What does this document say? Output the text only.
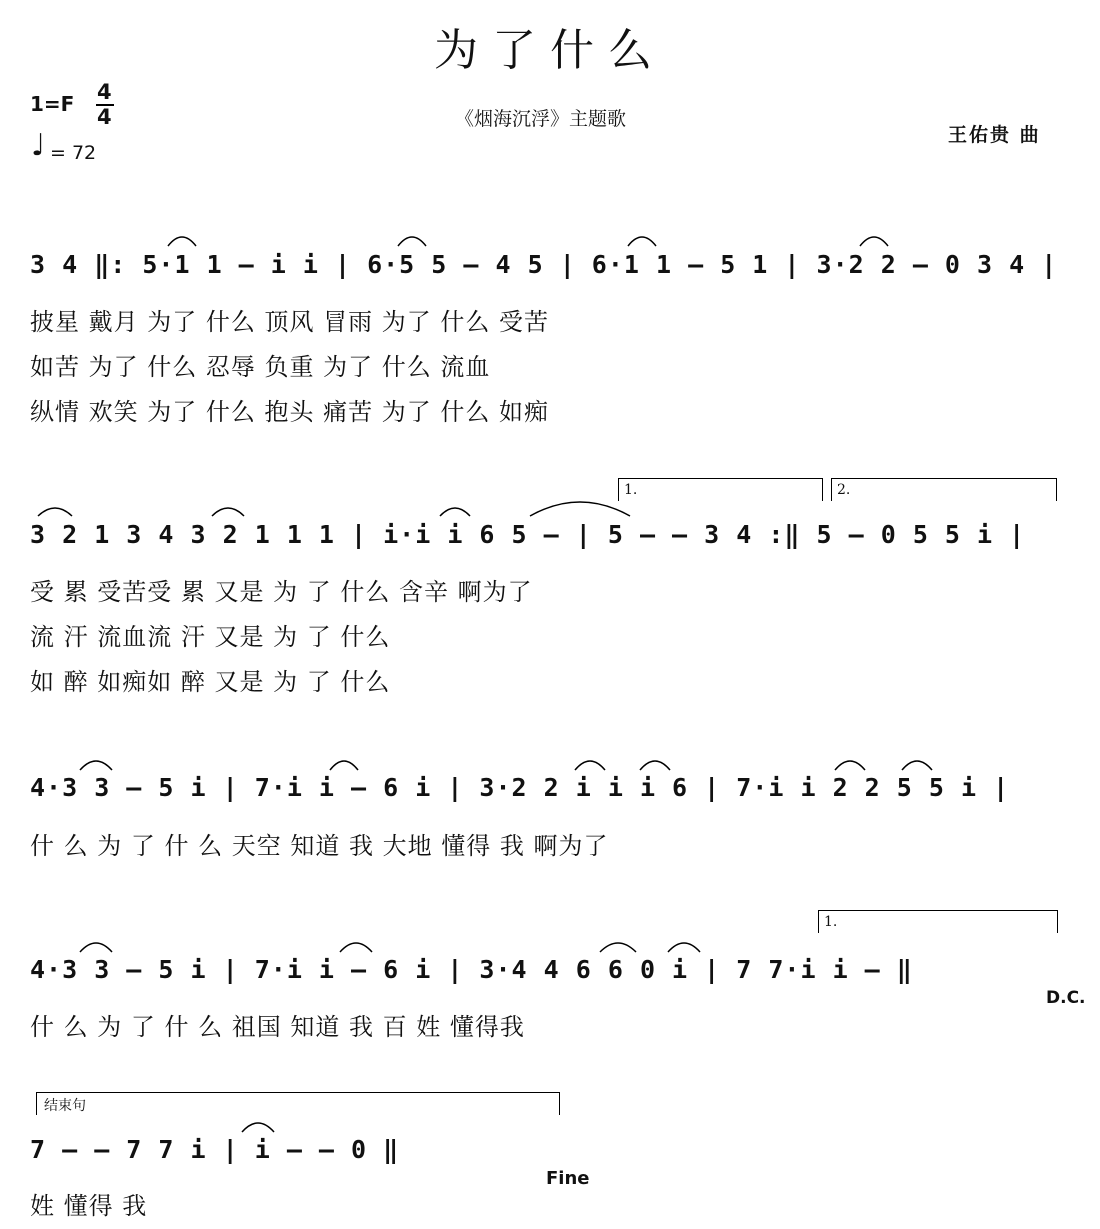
为了什么
1=F 4
4
♩ = 72
《烟海沉浮》主题歌
王佑贵 曲
3 4 ‖: 5·1 1 – i i | 6·5 5 – 4 5 | 6·1 1 – 5 1 | 3·2 2 – 0 3 4 |
披星 戴月 为了 什么 顶风 冒雨 为了 什么 受苦
如苦 为了 什么 忍辱 负重 为了 什么 流血
纵情 欢笑 为了 什么 抱头 痛苦 为了 什么 如痴
1.	2.
3 2 1 3 4 3 2 1 1 1 | i·i i 6 5 – | 5 – – 3 4 :‖ 5 – 0 5 5 i |
受 累 受苦受 累 又是 为 了 什么 含辛 啊为了
流 汗 流血流 汗 又是 为 了 什么
如 醉 如痴如 醉 又是 为 了 什么
4·3 3 – 5 i | 7·i i – 6 i | 3·2 2 i i i 6 | 7·i i 2 2 5 5 i |
什 么 为 了 什 么 天空 知道 我 大地 懂得 我 啊为了
1.
4·3 3 – 5 i | 7·i i – 6 i | 3·4 4 6 6 0 i | 7 7·i i – ‖
D.C.
什 么 为 了 什 么 祖国 知道 我 百 姓 懂得我
结束句
7 – – 7 7 i | i – – 0 ‖
Fine
姓 懂得 我
